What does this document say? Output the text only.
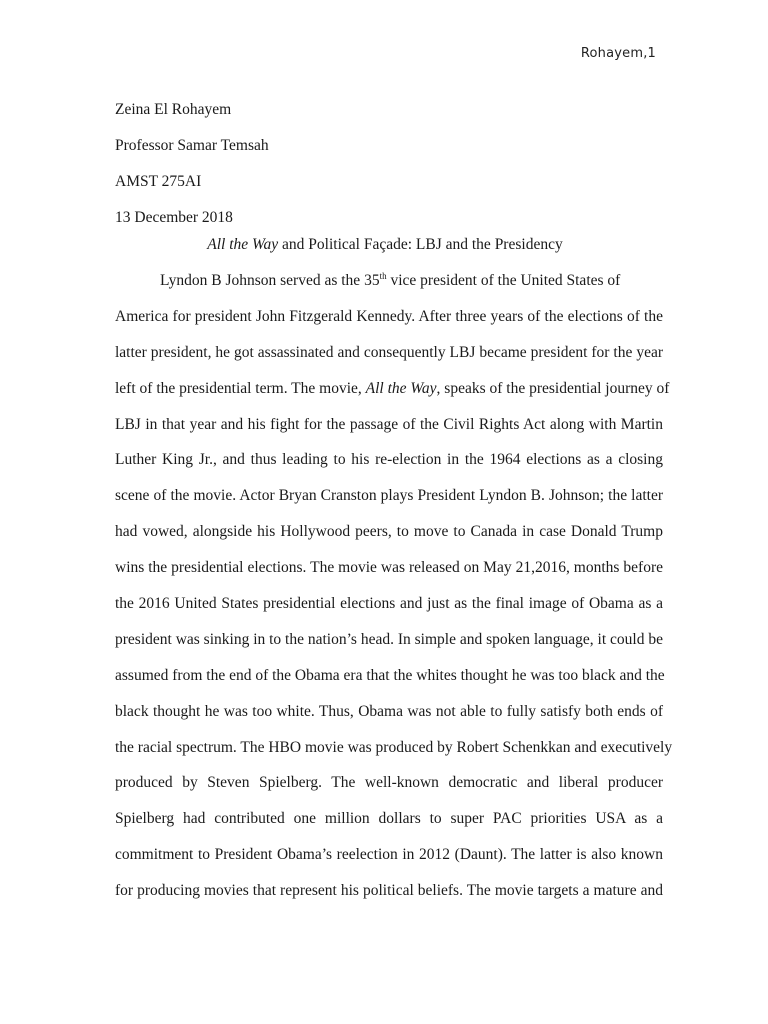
Rohayem,1
Zeina El Rohayem
Professor Samar Temsah
AMST 275AI
13 December 2018
All the Way and Political Façade: LBJ and the Presidency
Lyndon B Johnson served as the 35th vice president of the United States of
America for president John Fitzgerald Kennedy. After three years of the elections of the
latter president, he got assassinated and consequently LBJ became president for the year
left of the presidential term. The movie, All the Way, speaks of the presidential journey of
LBJ in that year and his fight for the passage of the Civil Rights Act along with Martin
Luther King Jr., and thus leading to his re-election in the 1964 elections as a closing
scene of the movie. Actor Bryan Cranston plays President Lyndon B. Johnson; the latter
had vowed, alongside his Hollywood peers, to move to Canada in case Donald Trump
wins the presidential elections. The movie was released on May 21,2016, months before
the 2016 United States presidential elections and just as the final image of Obama as a
president was sinking in to the nation’s head. In simple and spoken language, it could be
assumed from the end of the Obama era that the whites thought he was too black and the
black thought he was too white. Thus, Obama was not able to fully satisfy both ends of
the racial spectrum. The HBO movie was produced by Robert Schenkkan and executively
produced by Steven Spielberg. The well-known democratic and liberal producer
Spielberg had contributed one million dollars to super PAC priorities USA as a
commitment to President Obama’s reelection in 2012 (Daunt). The latter is also known
for producing movies that represent his political beliefs. The movie targets a mature and
